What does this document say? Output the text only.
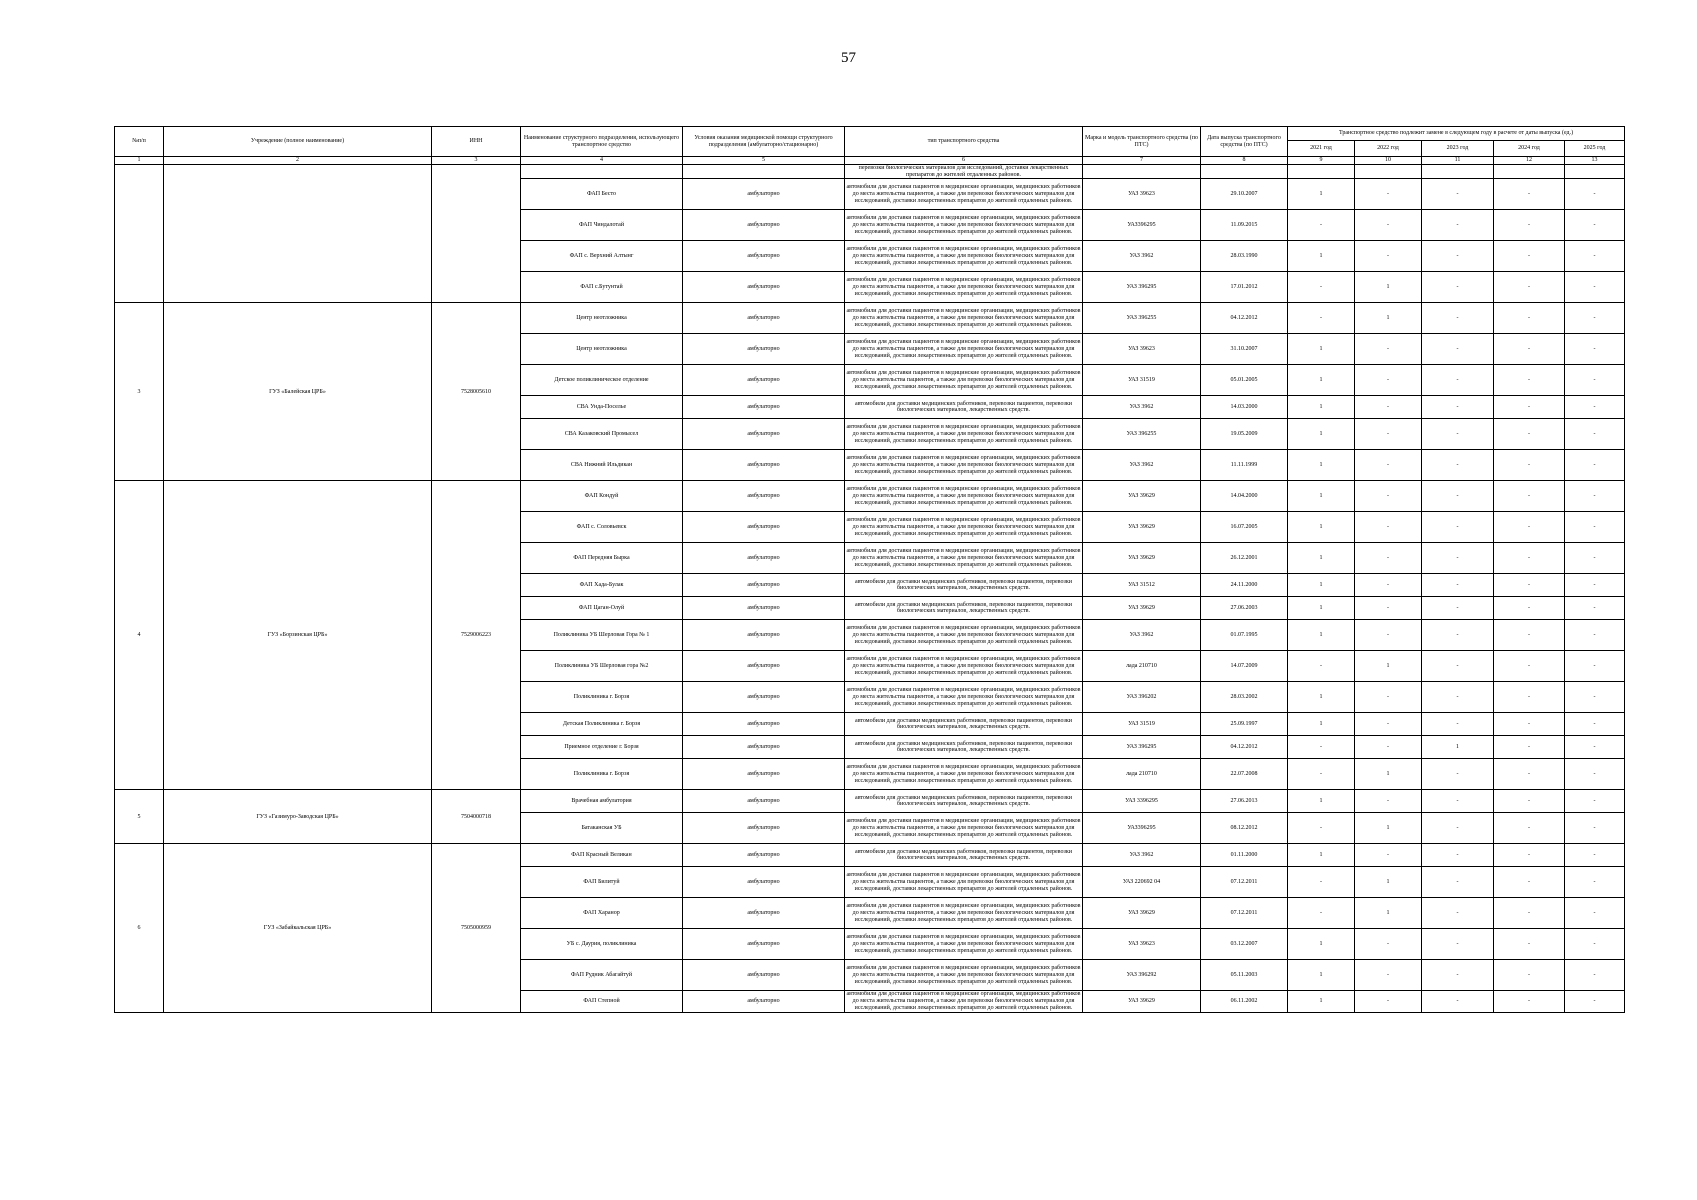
57
№п/п	Учреждение (полное наименование)	ИНН	Наименование структурного подразделения, использующего транспортное средство	Условия оказания медицинской помощи структурного подразделения (амбулаторно/стационарно)	тип транспортного средства	Марка и модель транспортного средства (по ПТС)	Дата выпуска транспортного средства (по ПТС)	Транспортное средство подлежит замене в следующем году в расчете от даты выпуска (ед.)				
								2021 год	2022 год	2023 год	2024 год	2025 год
1	2	3	4	5	6	7	8	9	10	11	12	13
					перевозки биологических материалов для исследований, доставки лекарственных препаратов до жителей отдаленных районов.							
			ФАП Бесто	амбулаторно	автомобили для доставки пациентов в медицинские организации, медицинских работников до места жительства пациентов, а также для перевозки биологических материалов для исследований, доставки лекарственных препаратов до жителей отдаленных районов.	УАЗ 39623	29.10.2007	1	-	-	-	-
			ФАП Чиндалотай	амбулаторно	автомобили для доставки пациентов в медицинские организации, медицинских работников до места жительства пациентов, а также для перевозки биологических материалов для исследований, доставки лекарственных препаратов до жителей отдаленных районов.	УАЗ396295	11.09.2015	-	-	-	-	-
			ФАП с. Верхний Алтынг	амбулаторно	автомобили для доставки пациентов в медицинские организации, медицинских работников до места жительства пациентов, а также для перевозки биологических материалов для исследований, доставки лекарственных препаратов до жителей отдаленных районов.	УАЗ 3962	28.03.1990	1	-	-	-	-
			ФАП с.Бутунтай	амбулаторно	автомобили для доставки пациентов в медицинские организации, медицинских работников до места жительства пациентов, а также для перевозки биологических материалов для исследований, доставки лекарственных препаратов до жителей отдаленных районов.	УАЗ 396295	17.01.2012	-	1	-	-	-
3	ГУЗ «Балейская ЦРБ»	7528005610	Центр неотложника	амбулаторно	автомобили для доставки пациентов в медицинские организации, медицинских работников до места жительства пациентов, а также для перевозки биологических материалов для исследований, доставки лекарственных препаратов до жителей отдаленных районов.	УАЗ 396255	04.12.2012	-	1	-	-	-
			Центр неотложника	амбулаторно	автомобили для доставки пациентов в медицинские организации, медицинских работников до места жительства пациентов, а также для перевозки биологических материалов для исследований, доставки лекарственных препаратов до жителей отдаленных районов.	УАЗ 39623	31.10.2007	1	-	-	-	-
			Детское поликлиническое отделение	амбулаторно	автомобили для доставки пациентов в медицинские организации, медицинских работников до места жительства пациентов, а также для перевозки биологических материалов для исследований, доставки лекарственных препаратов до жителей отдаленных районов.	УАЗ 31519	05.01.2005	1	-	-	-	-
			СВА Унда-Поселье	амбулаторно	автомобили для доставки медицинских работников, перевозки пациентов, перевозки биологических материалов, лекарственных средств.	УАЗ 3962	14.03.2000	1	-	-	-	-
			СВА Казаковский Промысел	амбулаторно	автомобили для доставки пациентов в медицинские организации, медицинских работников до места жительства пациентов, а также для перевозки биологических материалов для исследований, доставки лекарственных препаратов до жителей отдаленных районов.	УАЗ 396255	19.05.2009	1	-	-	-	-
			СВА Нижний Ильдикан	амбулаторно	автомобили для доставки пациентов в медицинские организации, медицинских работников до места жительства пациентов, а также для перевозки биологических материалов для исследований, доставки лекарственных препаратов до жителей отдаленных районов.	УАЗ 3962	11.11.1999	1	-	-	-	-
4	ГУЗ «Борзинская ЦРБ»	7529006223	ФАП Кондуй	амбулаторно	автомобили для доставки пациентов в медицинские организации, медицинских работников до места жительства пациентов, а также для перевозки биологических материалов для исследований, доставки лекарственных препаратов до жителей отдаленных районов.	УАЗ 39629	14.04.2000	1	-	-	-	-
			ФАП с. Соловьевск	амбулаторно	автомобили для доставки пациентов в медицинские организации, медицинских работников до места жительства пациентов, а также для перевозки биологических материалов для исследований, доставки лекарственных препаратов до жителей отдаленных районов.	УАЗ 39629	16.07.2005	1	-	-	-	-
			ФАП Передняя Бырка	амбулаторно	автомобили для доставки пациентов в медицинские организации, медицинских работников до места жительства пациентов, а также для перевозки биологических материалов для исследований, доставки лекарственных препаратов до жителей отдаленных районов.	УАЗ 39629	26.12.2001	1	-	-	-	-
			ФАП Хада-Булак	амбулаторно	автомобили для доставки медицинских работников, перевозки пациентов, перевозки биологических материалов, лекарственных средств.	УАЗ 31512	24.11.2000	1	-	-	-	-
			ФАП Цаган-Олуй	амбулаторно	автомобили для доставки медицинских работников, перевозки пациентов, перевозки биологических материалов, лекарственных средств.	УАЗ 39629	27.06.2003	1	-	-	-	-
			Поликлиника УБ Шерловая Гора № 1	амбулаторно	автомобили для доставки пациентов в медицинские организации, медицинских работников до места жительства пациентов, а также для перевозки биологических материалов для исследований, доставки лекарственных препаратов до жителей отдаленных районов.	УАЗ 3962	01.07.1995	1	-	-	-	-
			Поликлиника УБ Шерловая гора №2	амбулаторно	автомобили для доставки пациентов в медицинские организации, медицинских работников до места жительства пациентов, а также для перевозки биологических материалов для исследований, доставки лекарственных препаратов до жителей отдаленных районов.	лада 210710	14.07.2009	-	1	-	-	-
			Поликлиника г. Борзя	амбулаторно	автомобили для доставки пациентов в медицинские организации, медицинских работников до места жительства пациентов, а также для перевозки биологических материалов для исследований, доставки лекарственных препаратов до жителей отдаленных районов.	УАЗ 396202	28.03.2002	1	-	-	-	-
			Детская Поликлиника г. Борзя	амбулаторно	автомобили для доставки медицинских работников, перевозки пациентов, перевозки биологических материалов, лекарственных средств.	УАЗ 31519	25.09.1997	1	-	-	-	-
			Приемное отделение г. Борзя	амбулаторно	автомобили для доставки медицинских работников, перевозки пациентов, перевозки биологических материалов, лекарственных средств.	УАЗ 396295	04.12.2012	-	-	1	-	-
			Поликлиника г. Борзя	амбулаторно	автомобили для доставки пациентов в медицинские организации, медицинских работников до места жительства пациентов, а также для перевозки биологических материалов для исследований, доставки лекарственных препаратов до жителей отдаленных районов.	лада 210710	22.07.2008	-	1	-	-	-
5	ГУЗ «Газимуро-Заводская ЦРБ»	7504000718	Врачебная амбулатория	амбулаторно	автомобили для доставки медицинских работников, перевозки пациентов, перевозки биологических материалов, лекарственных средств.	УАЗ 3396295	27.06.2013	1	-	-	-	-
			Батаканская УБ	амбулаторно	автомобили для доставки пациентов в медицинские организации, медицинских работников до места жительства пациентов, а также для перевозки биологических материалов для исследований, доставки лекарственных препаратов до жителей отдаленных районов.	УАЗ396295	08.12.2012	-	1	-	-	-
6	ГУЗ «Забайкальская ЦРБ»	7505000959	ФАП Красный Великан	амбулаторно	автомобили для доставки медицинских работников, перевозки пациентов, перевозки биологических материалов, лекарственных средств.	УАЗ 3962	01.11.2000	1	-	-	-	-
			ФАП Билитуй	амбулаторно	автомобили для доставки пациентов в медицинские организации, медицинских работников до места жительства пациентов, а также для перевозки биологических материалов для исследований, доставки лекарственных препаратов до жителей отдаленных районов.	УАЗ 220692 04	07.12.2011	-	1	-	-	-
			ФАП Харанор	амбулаторно	автомобили для доставки пациентов в медицинские организации, медицинских работников до места жительства пациентов, а также для перевозки биологических материалов для исследований, доставки лекарственных препаратов до жителей отдаленных районов.	УАЗ 39629	07.12.2011	-	1	-	-	-
			УБ с. Даурия, поликлиника	амбулаторно	автомобили для доставки пациентов в медицинские организации, медицинских работников до места жительства пациентов, а также для перевозки биологических материалов для исследований, доставки лекарственных препаратов до жителей отдаленных районов.	УАЗ 39623	03.12.2007	1	-	-	-	-
			ФАП Рудник Абагайтуй	амбулаторно	автомобили для доставки пациентов в медицинские организации, медицинских работников до места жительства пациентов, а также для перевозки биологических материалов для исследований, доставки лекарственных препаратов до жителей отдаленных районов.	УАЗ 396292	05.11.2003	1	-	-	-	-
			ФАП Степной	амбулаторно	автомобили для доставки пациентов в медицинские организации, медицинских работников до места жительства пациентов, а также для перевозки биологических материалов для исследований, доставки лекарственных препаратов до жителей отдаленных районов.	УАЗ 39629	06.11.2002	1	-	-	-	-
